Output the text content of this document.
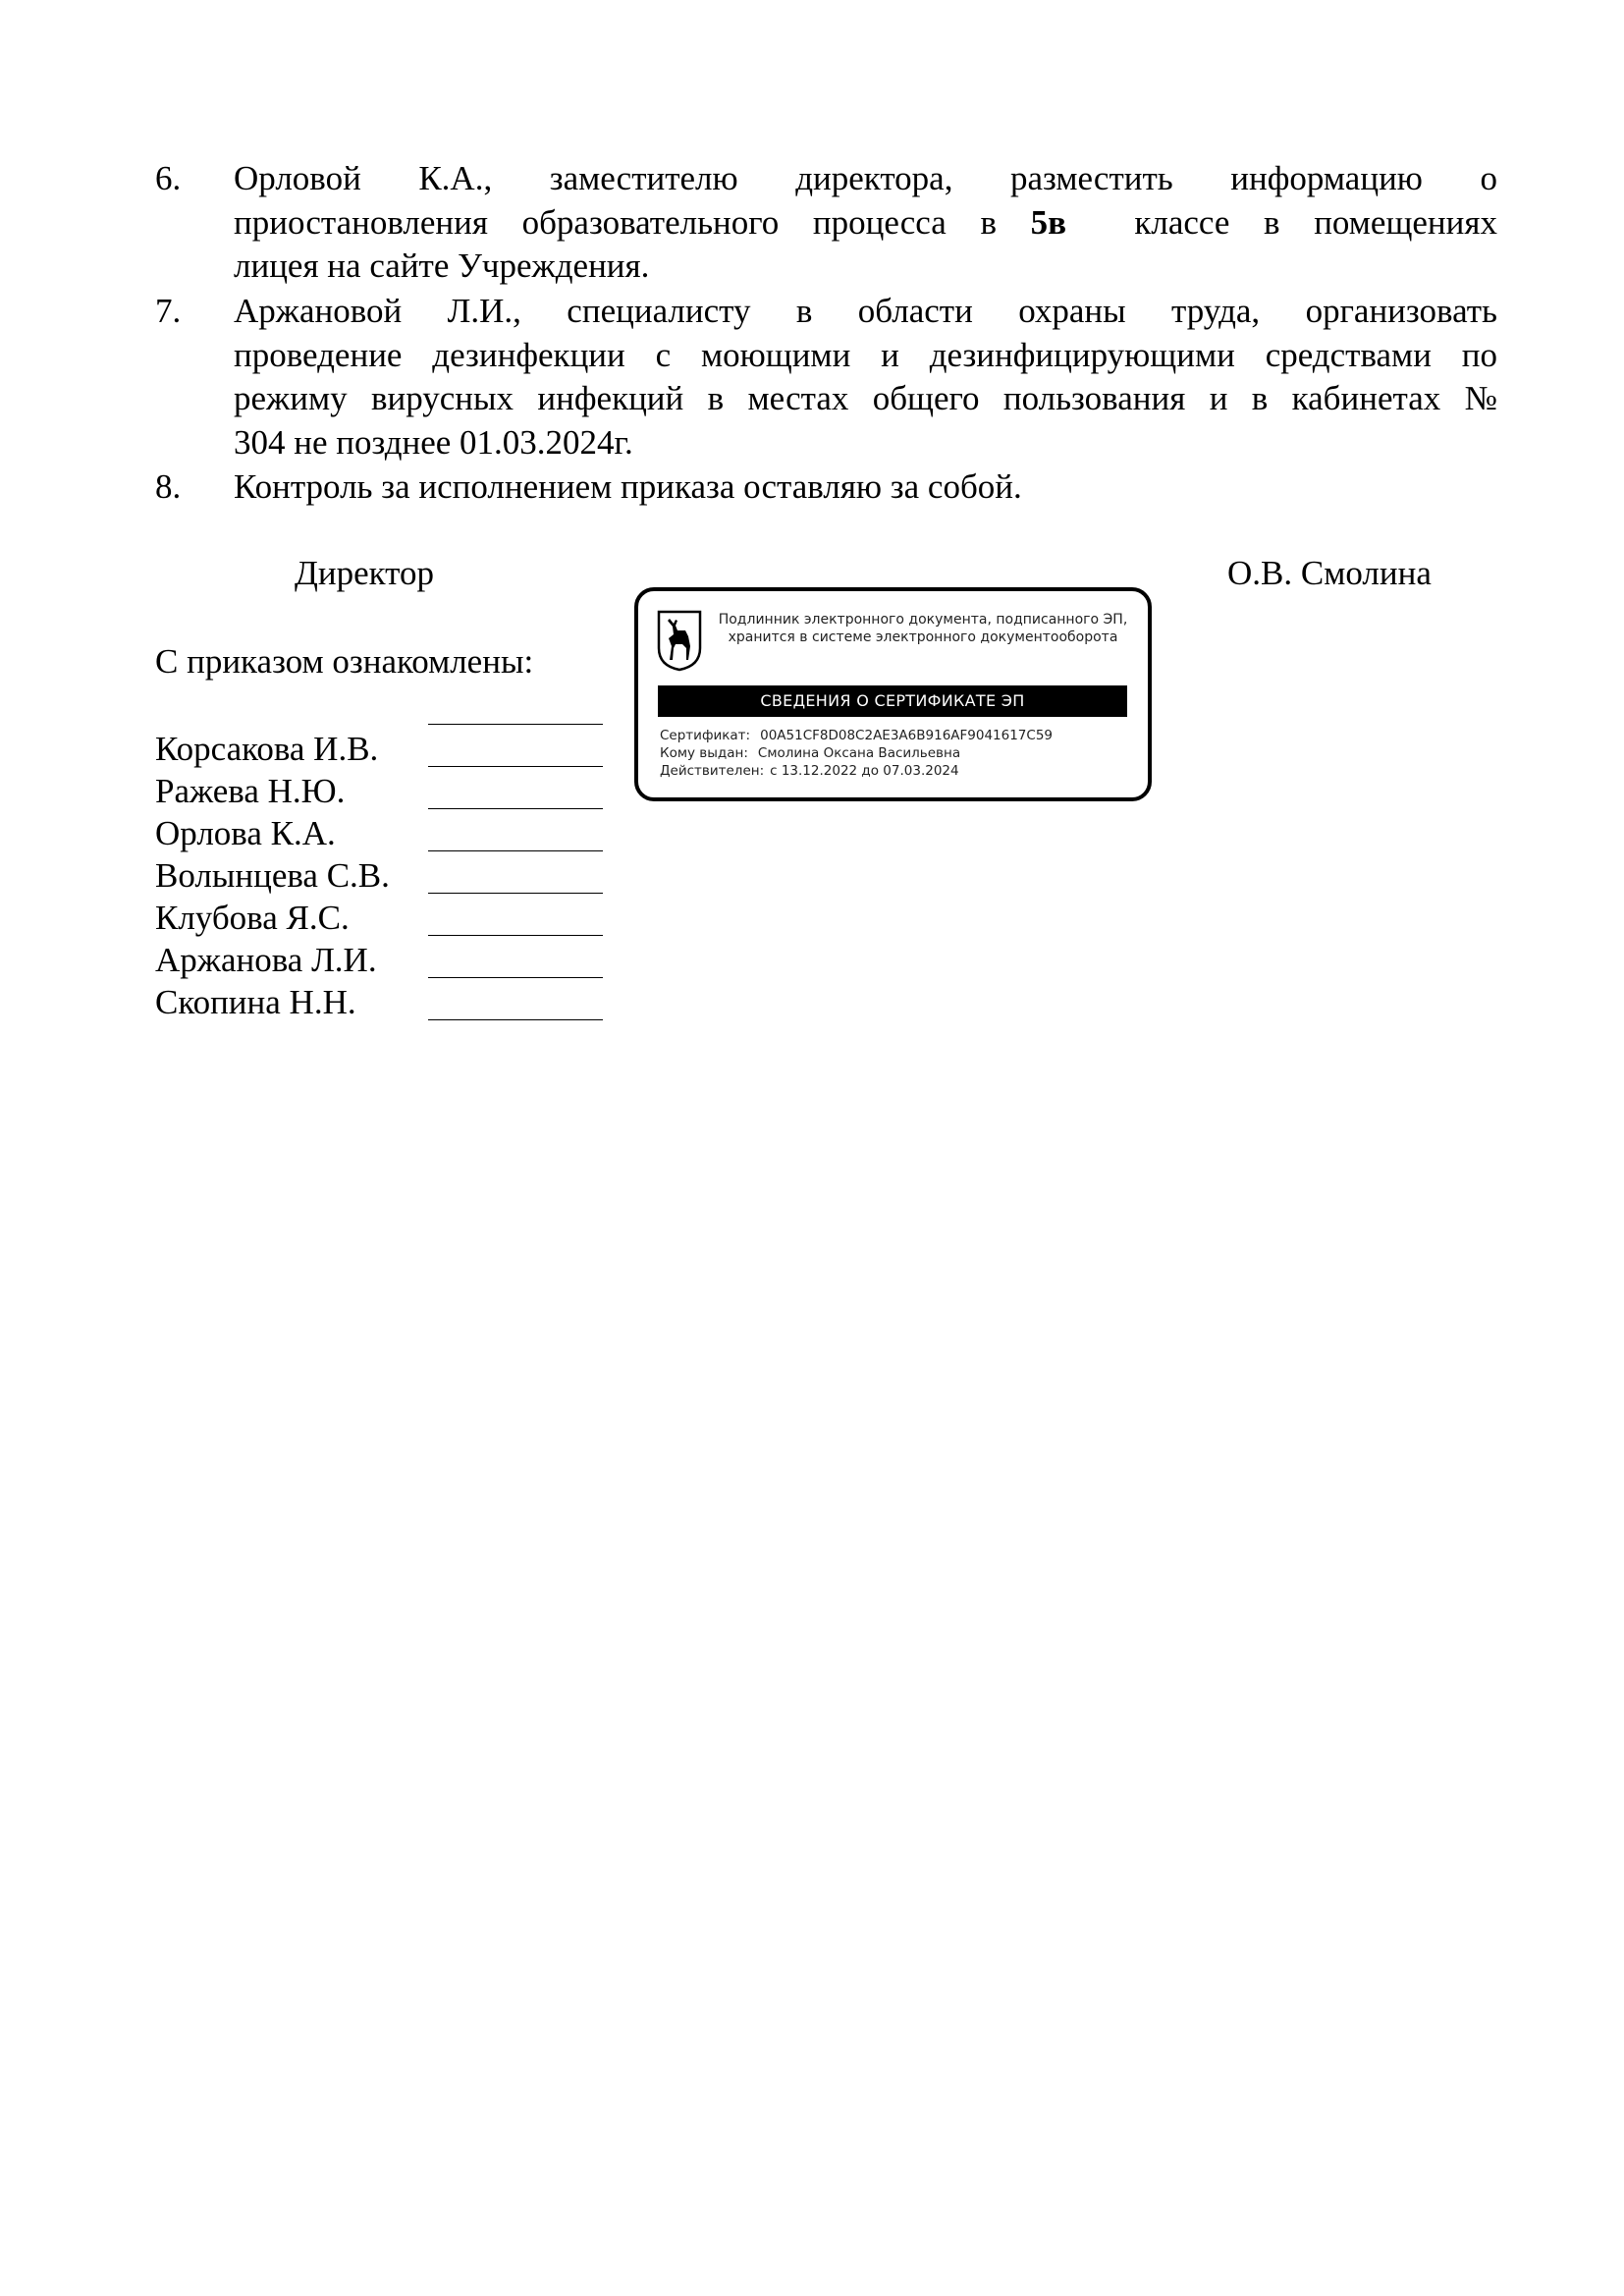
6.	Орловой К.А., заместителю директора, разместить информацию о
приостановления образовательного процесса в 5в  классе в помещениях
лицея на сайте Учреждения.
7.	Аржановой Л.И., специалисту в области охраны труда, организовать
проведение дезинфекции с моющими и дезинфицирующими средствами по
режиму вирусных инфекций в местах общего пользования и в кабинетах №
304 не позднее 01.03.2024г.
8.	Контроль за исполнением приказа оставляю за собой.
Директор	О.В. Смолина
Подлинник электронного документа, подписанного ЭП,
хранится в системе электронного документооборота
СВЕДЕНИЯ О СЕРТИФИКАТЕ ЭП
Сертификат: 00A51CF8D08C2AE3A6B916AF9041617C59
Кому выдан: Смолина Оксана Васильевна
Действителен: с 13.12.2022 до 07.03.2024
С приказом ознакомлены:
Корсакова И.В.
Ражева Н.Ю.
Орлова К.А.
Волынцева С.В.
Клубова Я.С.
Аржанова Л.И.
Скопина Н.Н.
